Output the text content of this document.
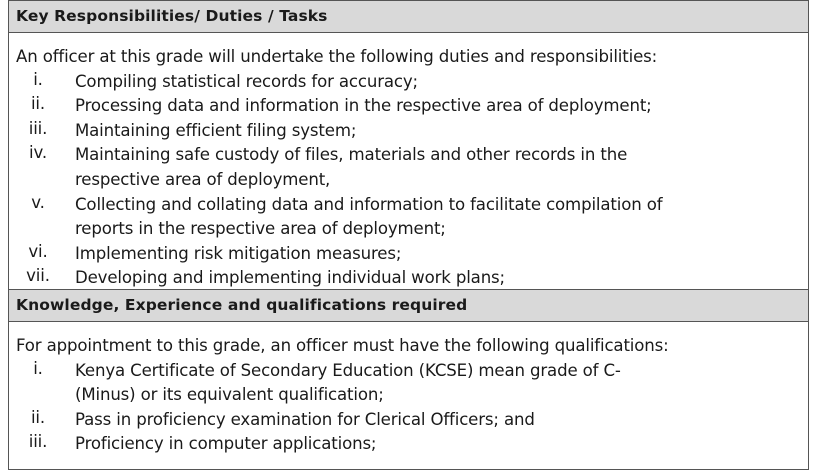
Key Responsibilities/ Duties / Tasks
An officer at this grade will undertake the following duties and responsibilities:
i.	Compiling statistical records for accuracy;
ii.	Processing data and information in the respective area of deployment;
iii.	Maintaining efficient filing system;
iv.	Maintaining safe custody of files, materials and other records in the
respective area of deployment,
v.	Collecting and collating data and information to facilitate compilation of
reports in the respective area of deployment;
vi.	Implementing risk mitigation measures;
vii.	Developing and implementing individual work plans;
Knowledge, Experience and qualifications required
For appointment to this grade, an officer must have the following qualifications:
i.	Kenya Certificate of Secondary Education (KCSE) mean grade of C-
(Minus) or its equivalent qualification;
ii.	Pass in proficiency examination for Clerical Officers; and
iii.	Proficiency in computer applications;
